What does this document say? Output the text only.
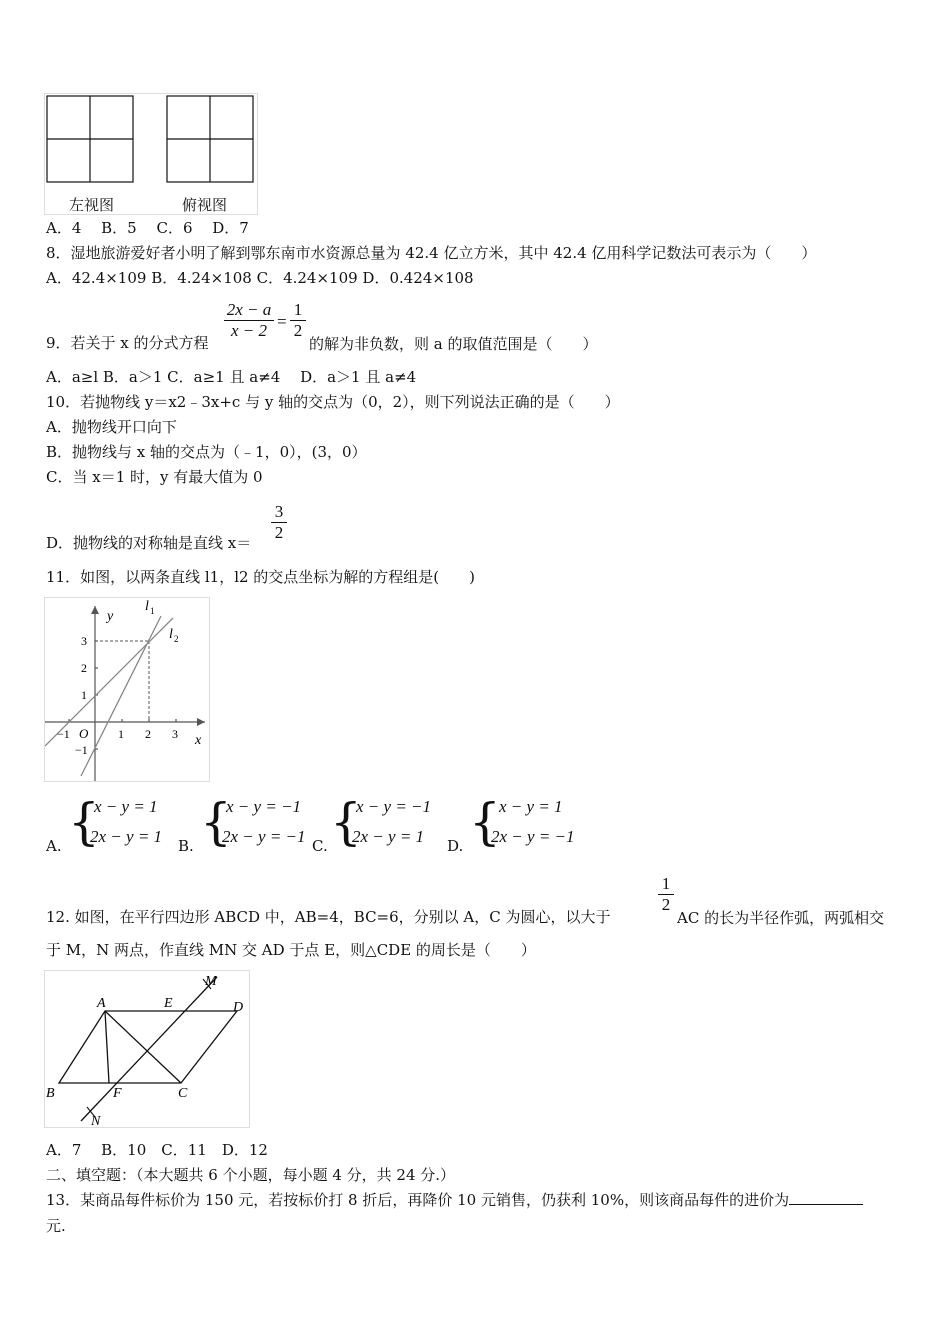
左视图	俯视图
A．4　 B．5　 C．6　 D．7
8．湿地旅游爱好者小明了解到鄂东南市水资源总量为 42.4 亿立方米，其中 42.4 亿用科学记数法可表示为（　　）
A．42.4×109 B．4.24×108 C．4.24×109 D．0.424×108
9．若关于 x 的分式方程
$\frac{2x - a}{x - 2} = \frac{1}{2}$
的解为非负数，则 a 的取值范围是（　　）
A．a≥l B．a＞1 C．a≥1 且 a≠4　 D．a＞1 且 a≠4
10．若抛物线 y＝x2﹣3x+c 与 y 轴的交点为（0，2），则下列说法正确的是（　　）
A．抛物线开口向下
B．抛物线与 x 轴的交点为（﹣1，0），(3，0）
C．当 x＝1 时，y 有最大值为 0
D．抛物线的对称轴是直线 $x= \frac{3}{2}$
11．如图，以两条直线 l1，l2 的交点坐标为解的方程组是(　　)
y
x
O
l 1
l 2
−1	1 2 3
3
2
1
−1
A. {
x − y = 1
2x − y = 1 B. {
x − y = −1
2x − y = −1 C. {
x − y = −1
2x − y = 1	D. {
x − y = 1
2x − y = −1
12. 如图，在平行四边形 ABCD 中，AB=4，BC=6，分别以 A，C 为圆心，以大于
$\frac{1}{2}$
AC 的长为半径作弧，两弧相交
于 M，N 两点，作直线 MN 交 AD 于点 E，则△CDE 的周长是（　　）
A
B	C
D
E
F
M
N
A．7　 B．10　C．11　D．12
二、填空题：（本大题共 6 个小题，每小题 4 分，共 24 分.）
13．某商品每件标价为 150 元，若按标价打 8 折后，再降价 10 元销售，仍获利 10%，则该商品每件的进价为
元.
